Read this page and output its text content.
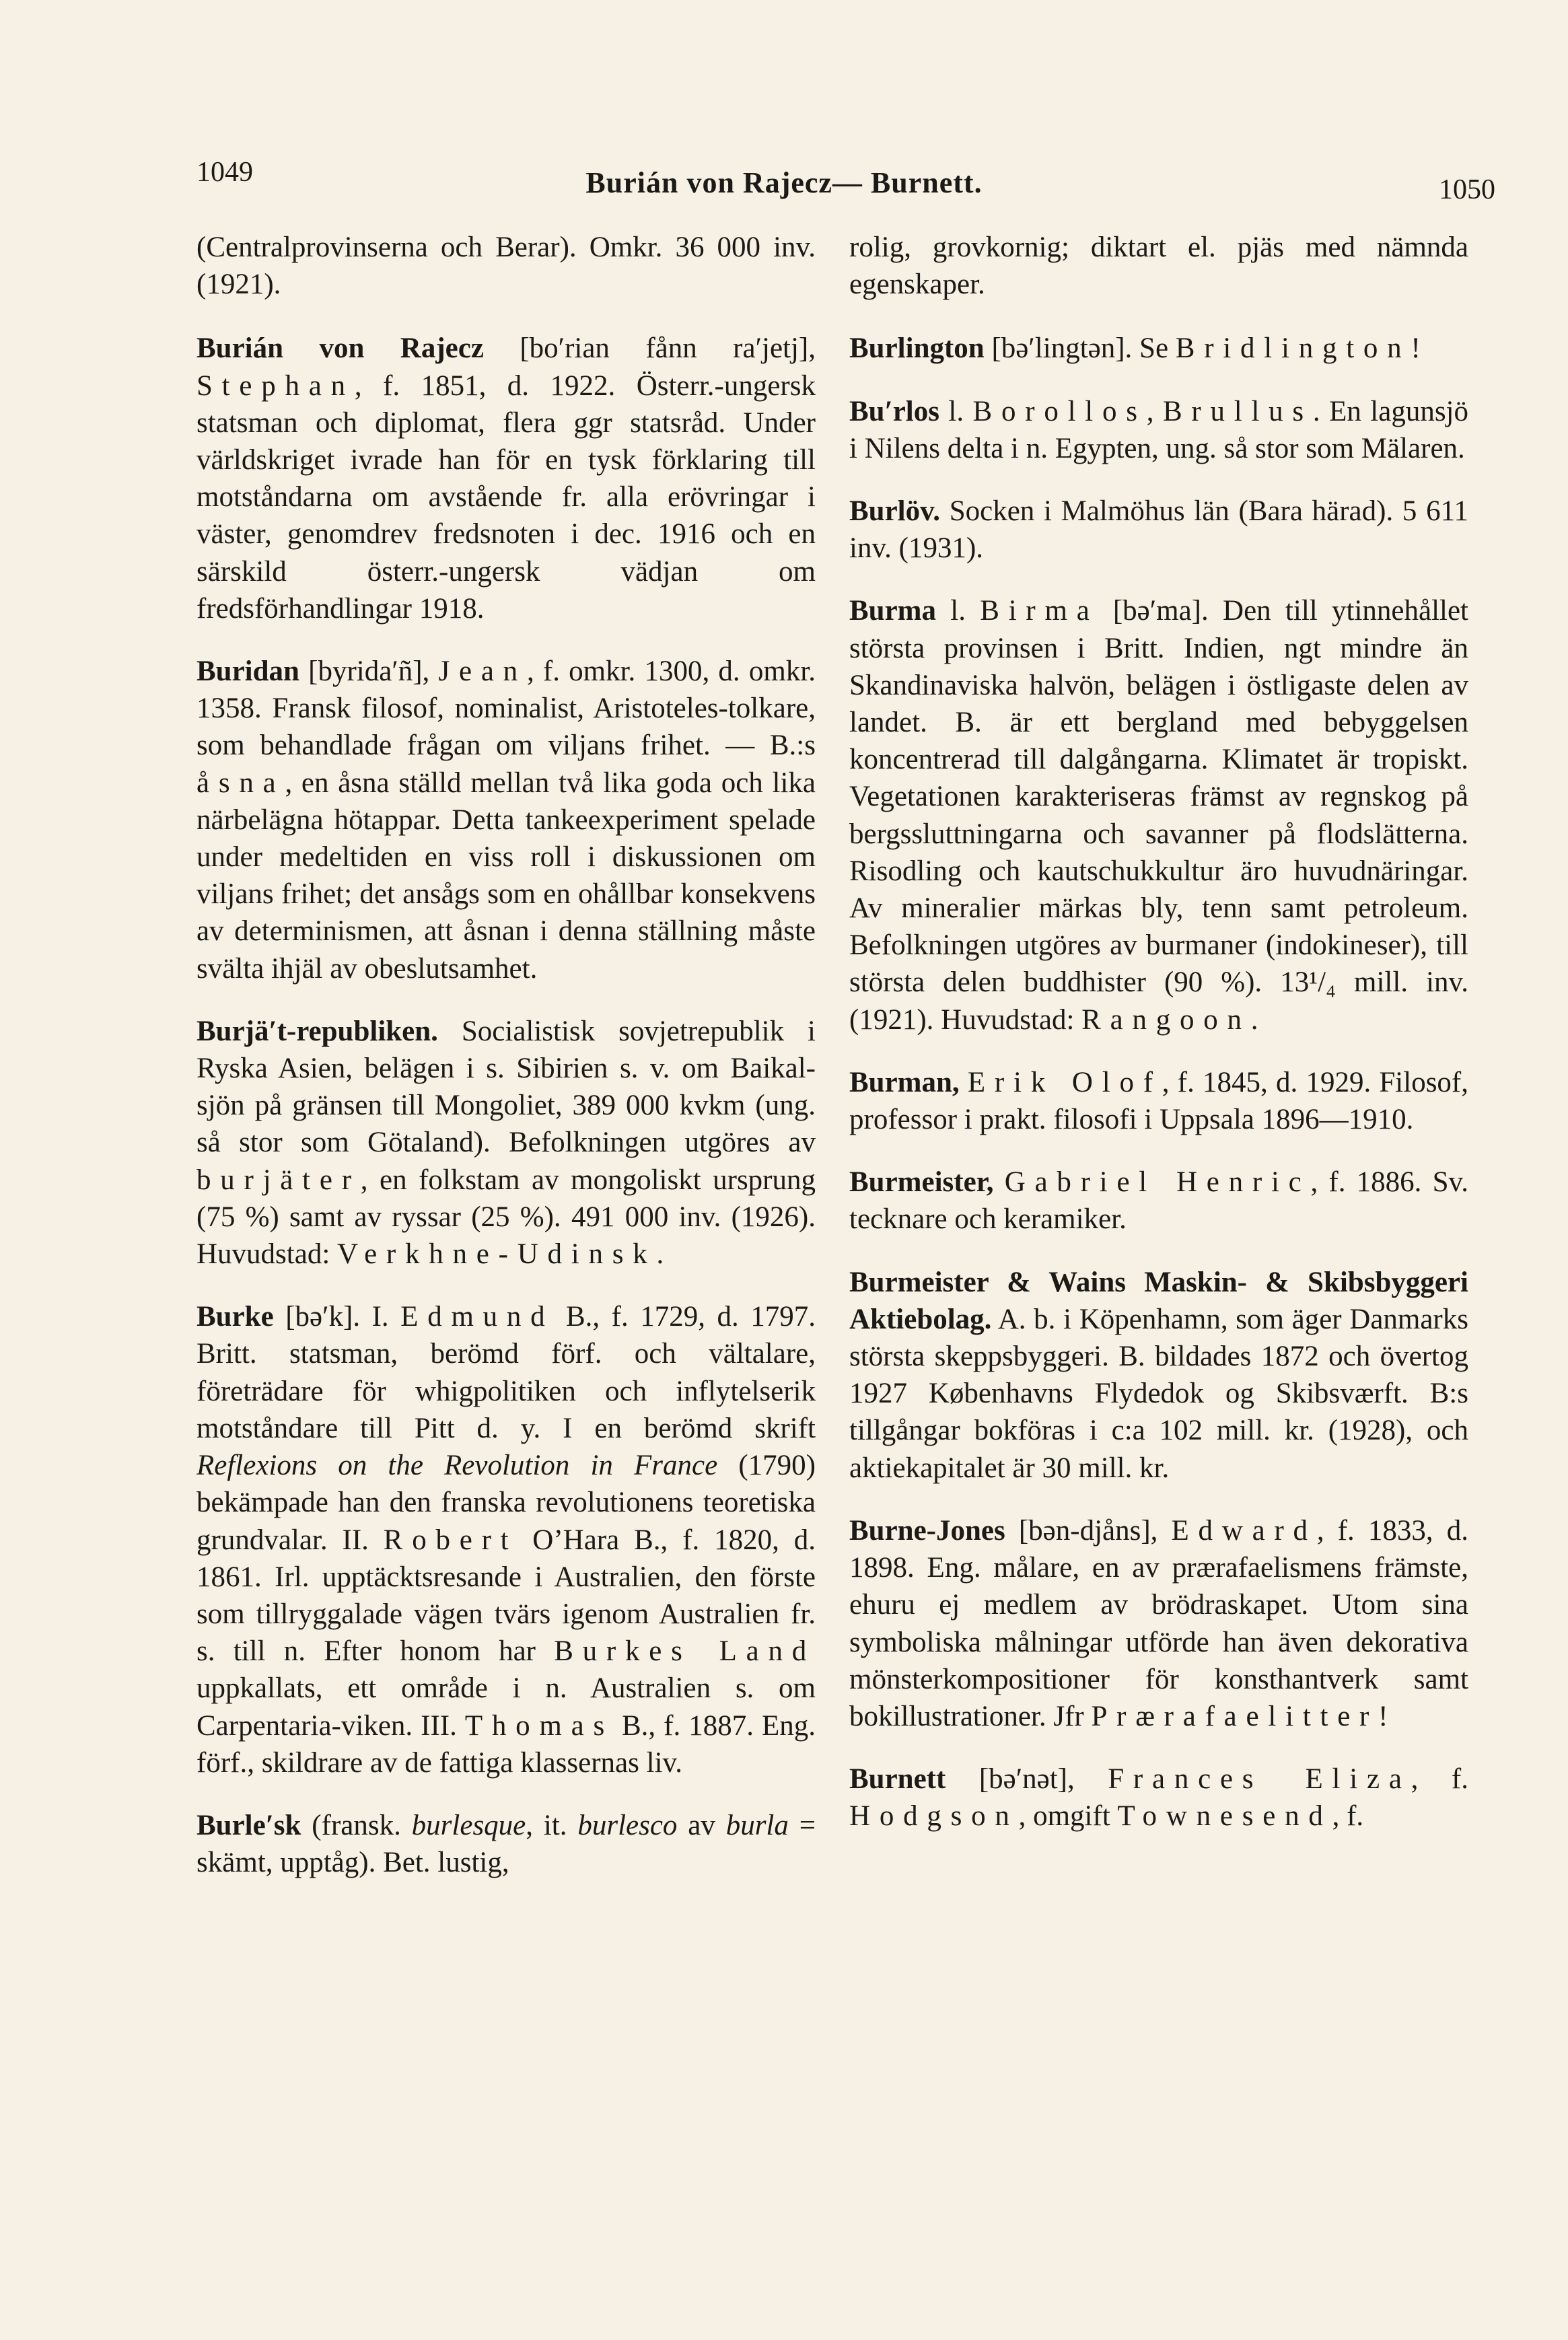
1049	Burián von Rajecz— Burnett.	1050

(Centralprovinserna och Berar). Omkr. 36 000 inv. (1921).

Burián von Rajecz [bo′rian fånn ra′jetj], Stephan, f. 1851, d. 1922. Österr.-ungersk statsman och diplomat, flera ggr statsråd. Under världskriget ivrade han för en tysk förklaring till motståndarna om avstående fr. alla erövringar i väster, genomdrev fredsnoten i dec. 1916 och en särskild österr.-ungersk vädjan om fredsförhandlingar 1918.

Buridan [byrida′ñ], Jean, f. omkr. 1300, d. omkr. 1358. Fransk filosof, nominalist, Aristoteles-tolkare, som behandlade frågan om viljans frihet. — B.:s åsna, en åsna ställd mellan två lika goda och lika närbelägna hötappar. Detta tankeexperiment spelade under medeltiden en viss roll i diskussionen om viljans frihet; det ansågs som en ohållbar konsekvens av determinismen, att åsnan i denna ställning måste svälta ihjäl av obeslutsamhet.

Burjä′t-republiken. Socialistisk sovjetrepublik i Ryska Asien, belägen i s. Sibirien s. v. om Baikal-sjön på gränsen till Mongoliet, 389 000 kvkm (ung. så stor som Götaland). Befolkningen utgöres av burjäter, en folkstam av mongoliskt ursprung (75 %) samt av ryssar (25 %). 491 000 inv. (1926). Huvudstad: Verkhne-Udinsk.

Burke [bə′k]. I. Edmund B., f. 1729, d. 1797. Britt. statsman, berömd förf. och vältalare, företrädare för whigpolitiken och inflytelserik motståndare till Pitt d. y. I en berömd skrift Reflexions on the Revolution in France (1790) bekämpade han den franska revolutionens teoretiska grundvalar. II. Robert O’Hara B., f. 1820, d. 1861. Irl. upptäcktsresande i Australien, den förste som tillryggalade vägen tvärs igenom Australien fr. s. till n. Efter honom har Burkes Land uppkallats, ett område i n. Australien s. om Carpentaria-viken. III. Thomas B., f. 1887. Eng. förf., skildrare av de fattiga klassernas liv.

Burle′sk (fransk. burlesque, it. burlesco av burla = skämt, upptåg). Bet. lustig,

rolig, grovkornig; diktart el. pjäs med nämnda egenskaper.

Burlington [bə′lingtən]. Se Bridlington!

Bu′rlos l. Borollos, Brullus. En lagunsjö i Nilens delta i n. Egypten, ung. så stor som Mälaren.

Burlöv. Socken i Malmöhus län (Bara härad). 5 611 inv. (1931).

Burma l. Birma [bə′ma]. Den till ytinnehållet största provinsen i Britt. Indien, ngt mindre än Skandinaviska halvön, belägen i östligaste delen av landet. B. är ett bergland med bebyggelsen koncentrerad till dalgångarna. Klimatet är tropiskt. Vegetationen karakteriseras främst av regnskog på bergssluttningarna och savanner på flodslätterna. Risodling och kautschukkultur äro huvudnäringar. Av mineralier märkas bly, tenn samt petroleum. Befolkningen utgöres av burmaner (indokineser), till största delen buddhister (90 %). 13¹/₄ mill. inv. (1921). Huvudstad: Rangoon.

Burman, Erik Olof, f. 1845, d. 1929. Filosof, professor i prakt. filosofi i Uppsala 1896—1910.

Burmeister, Gabriel Henric, f. 1886. Sv. tecknare och keramiker.

Burmeister & Wains Maskin- & Skibsbyggeri Aktiebolag. A. b. i Köpenhamn, som äger Danmarks största skeppsbyggeri. B. bildades 1872 och övertog 1927 Københavns Flydedok og Skibsværft. B:s tillgångar bokföras i c:a 102 mill. kr. (1928), och aktiekapitalet är 30 mill. kr.

Burne-Jones [bən-djåns], Edward, f. 1833, d. 1898. Eng. målare, en av prærafaelismens främste, ehuru ej medlem av brödraskapet. Utom sina symboliska målningar utförde han även dekorativa mönsterkompositioner för konsthantverk samt bokillustrationer. Jfr Prærafaelitter!

Burnett [bə′nət], Frances Eliza, f. Hodgson, omgift Townesend, f.
